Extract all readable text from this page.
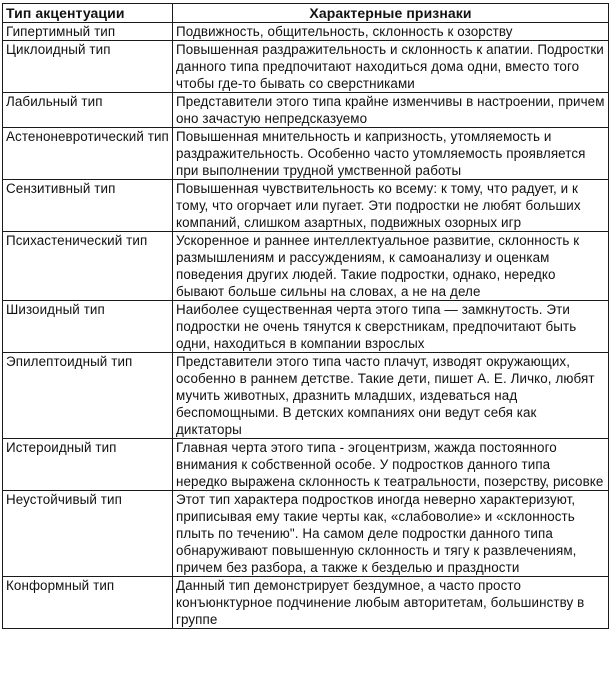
Тип акцентуации	Характерные признаки
Гипертимный тип	Подвижность, общительность, склонность к озорству
Циклоидный тип	Повышенная раздражительность и склонность к апатии. Подростки данного типа предпочитают находиться дома одни, вместо того чтобы где-то бывать со сверстниками
Лабильный тип	Представители этого типа крайне изменчивы в настроении, причем оно зачастую непредсказуемо
Астеноневротический тип	Повышенная мнительность и капризность, утомляемость и раздражительность. Особенно часто утомляемость проявляется при выполнении трудной умственной работы
Сензитивный тип	Повышенная чувствительность ко всему: к тому, что радует, и к тому, что огорчает или пугает. Эти подростки не любят больших компаний, слишком азартных, подвижных озорных игр
Психастенический тип	Ускоренное и раннее интеллектуальное развитие, склонность к размышлениям и рассуждениям, к самоанализу и оценкам поведения других людей. Такие подростки, однако, нередко бывают больше сильны на словах, а не на деле
Шизоидный тип	Наиболее существенная черта этого типа — замкнутость. Эти подростки не очень тянутся к сверстникам, предпочитают быть одни, находиться в компании взрослых
Эпилептоидный тип	Представители этого типа часто плачут, изводят окружающих, особенно в раннем детстве. Такие дети, пишет А. Е. Личко, любят мучить животных, дразнить младших, издеваться над беспомощными. В детских компаниях они ведут себя как диктаторы
Истероидный тип	Главная черта этого типа - эгоцентризм, жажда постоянного внимания к собственной особе. У подростков данного типа нередко выражена склонность к театральности, позерству, рисовке
Неустойчивый тип	Этот тип характера подростков иногда неверно характеризуют, приписывая ему такие черты как, «слабоволие» и «склонность плыть по течению". На самом деле подростки данного типа обнаруживают повышенную склонность и тягу к развлечениям, причем без разбора, а также к безделью и праздности
Конформный тип	Данный тип демонстрирует бездумное, а часто просто конъюнктурное подчинение любым авторитетам, большинству в группе
